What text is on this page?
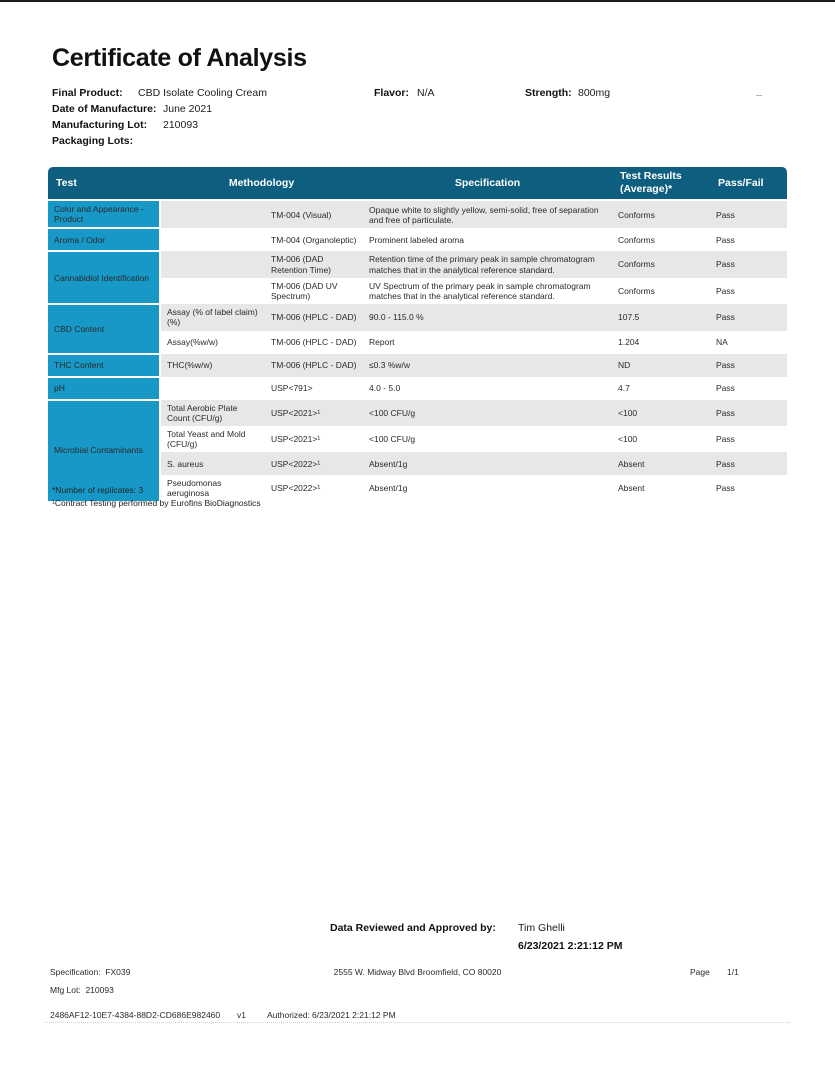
Certificate of Analysis
Final Product: CBD Isolate Cooling Cream	Flavor: N/A	Strength: 800mg
Date of Manufacture: June 2021
Manufacturing Lot: 210093
Packaging Lots:
Test	Methodology		Specification	Test Results (Average)*	Pass/Fail
Color and Appearance - Product		TM-004 (Visual)	Opaque white to slightly yellow, semi-solid, free of separation and free of particulate.	Conforms	Pass
Aroma / Odor		TM-004 (Organoleptic)	Prominent labeled aroma	Conforms	Pass
Cannabidiol Identification		TM-006 (DAD Retention Time)	Retention time of the primary peak in sample chromatogram matches that in the analytical reference standard.	Conforms	Pass
		TM-006 (DAD UV Spectrum)	UV Spectrum of the primary peak in sample chromatogram matches that in the analytical reference standard.	Conforms	Pass
CBD Content	Assay (% of label claim)(%)	TM-006 (HPLC - DAD)	90.0 - 115.0 %	107.5	Pass
	Assay(%w/w)	TM-006 (HPLC - DAD)	Report	1.204	NA
THC Content	THC(%w/w)	TM-006 (HPLC - DAD)	≤0.3 %w/w	ND	Pass
pH		USP<791>	4.0 - 5.0	4.7	Pass
Microbial Contaminants	Total Aerobic Plate Count (CFU/g)	USP<2021>¹	<100 CFU/g	<100	Pass
	Total Yeast and Mold (CFU/g)	USP<2021>¹	<100 CFU/g	<100	Pass
	S. aureus	USP<2022>¹	Absent/1g	Absent	Pass
	Pseudomonas aeruginosa	USP<2022>¹	Absent/1g	Absent	Pass
*Number of replicates: 3
¹Contract Testing performed by Eurofins BioDiagnostics
Data Reviewed and Approved by: Tim Ghelli
6/23/2021 2:21:12 PM
Specification: FX039
Mfg Lot: 210093
2555 W. Midway Blvd Broomfield, CO 80020	Page 1/1
2486AF12-10E7-4384-88D2-CD686E982460 v1 Authorized: 6/23/2021 2:21:12 PM
